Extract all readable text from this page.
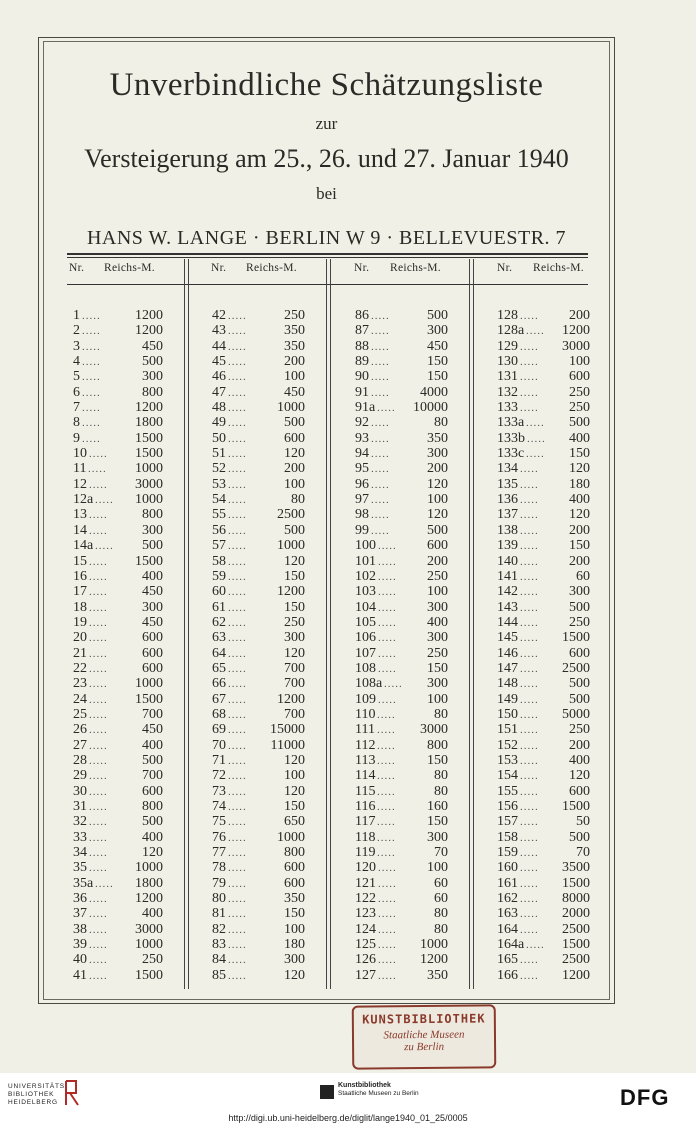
Unverbindliche Schätzungsliste
zur
Versteigerung am 25., 26. und 27. Januar 1940
bei
HANS W. LANGE · BERLIN W 9 · BELLEVUESTR. 7
Nr. Reichs-M.	Nr. Reichs-M.	Nr. Reichs-M.	Nr. Reichs-M.
1 ..... 1200
2 ..... 1200
3 .....	450
4 .....	500
5 .....	300
6 .....	800
7 ..... 1200
8 ..... 1800
9 ..... 1500
10 ..... 1500
11 ..... 1000
12 ..... 3000
12a ..... 1000
13 ..... 800
14 ..... 300
14a ..... 500
15 ..... 1500
16 ..... 400
17 ..... 450
18 ..... 300
19 ..... 450
20 ..... 600
21 ..... 600
22 ..... 600
23 ..... 1000
24 ..... 1500
25 ..... 700
26 ..... 450
27 ..... 400
28 ..... 500
29 ..... 700
30 ..... 600
31 ..... 800
32 ..... 500
33 ..... 400
34 ..... 120
35 ..... 1000
35a ..... 1800
36 ..... 1200
37 ..... 400
38 ..... 3000
39 ..... 1000
40 ..... 250
41 ..... 1500
42 .....	250
43 .....	350
44 .....	350
45 .....	200
46 .....	100
47 .....	450
48 ..... 1000
49 .....	500
50 .....	600
51 .....	120
52 .....	200
53 .....	100
54 .....	80
55 ..... 2500
56 .....	500
57 ..... 1000
58 .....	120
59 .....	150
60 ..... 1200
61 .....	150
62 .....	250
63 .....	300
64 .....	120
65 .....	700
66 .....	700
67 ..... 1200
68 .....	700
69 ..... 15000
70 ..... 11000
71 .....	120
72 .....	100
73 .....	120
74 .....	150
75 .....	650
76 ..... 1000
77 .....	800
78 .....	600
79 .....	600
80 .....	350
81 .....	150
82 .....	100
83 .....	180
84 .....	300
85 .....	120
86 .....	500
87 .....	300
88 .....	450
89 .....	150
90 .....	150
91 ..... 4000
91a ..... 10000
92 .....	80
93 .....	350
94 .....	300
95 .....	200
96 .....	120
97 .....	100
98 .....	120
99 .....	500
100 ..... 600
101 ..... 200
102 ..... 250
103 ..... 100
104 ..... 300
105 ..... 400
106 ..... 300
107 ..... 250
108 ..... 150
108a ..... 300
109 ..... 100
110 .....	80
111 ..... 3000
112 ..... 800
113 ..... 150
114 .....	80
115 .....	80
116 ..... 160
117 ..... 150
118 ..... 300
119 .....	70
120 ..... 100
121 .....	60
122 .....	60
123 .....	80
124 .....	80
125 ..... 1000
126 ..... 1200
127 ..... 350
128 ..... 200
128a ..... 1200
129 ..... 3000
130 ..... 100
131 ..... 600
132 ..... 250
133 ..... 250
133a ..... 500
133b ..... 400
133c ..... 150
134 ..... 120
135 ..... 180
136 ..... 400
137 ..... 120
138 ..... 200
139 ..... 150
140 ..... 200
141 .....	60
142 ..... 300
143 ..... 500
144 ..... 250
145 ..... 1500
146 ..... 600
147 ..... 2500
148 ..... 500
149 ..... 500
150 ..... 5000
151 ..... 250
152 ..... 200
153 ..... 400
154 ..... 120
155 ..... 600
156 ..... 1500
157 .....	50
158 ..... 500
159 .....	70
160 ..... 3500
161 ..... 1500
162 ..... 8000
163 ..... 2000
164 ..... 2500
164a ..... 1500
165 ..... 2500
166 ..... 1200
KUNSTBIBLIOTHEK
Staatliche Museen
zu Berlin
UNIVERSITÄTS-
BIBLIOTHEK
HEIDELBERG
Kunstbibliothek
Staatliche Museen zu Berlin	DFG
http://digi.ub.uni-heidelberg.de/diglit/lange1940_01_25/0005
